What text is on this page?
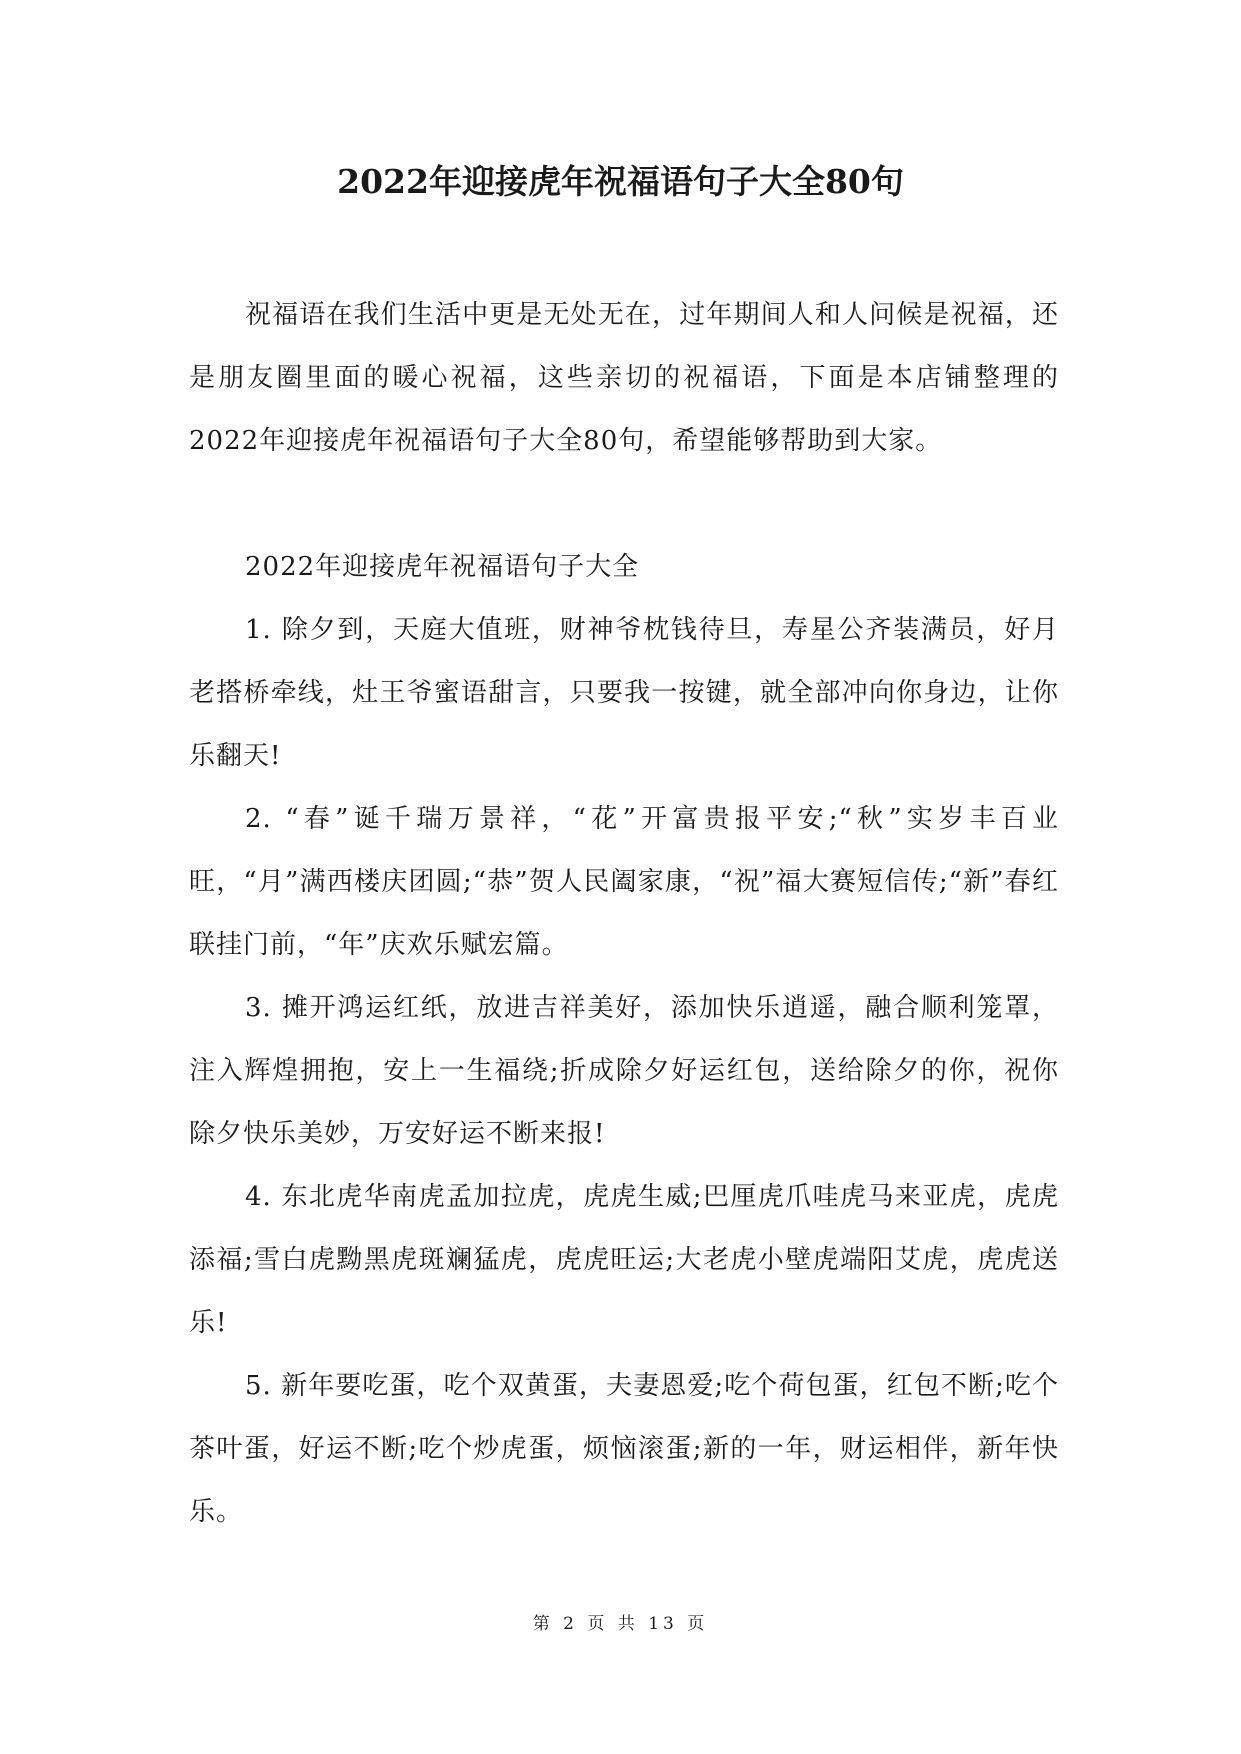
2022年迎接虎年祝福语句子大全80句

祝福语在我们生活中更是无处无在，过年期间人和人问候是祝福，还是朋友圈里面的暖心祝福，这些亲切的祝福语，下面是本店铺整理的2022年迎接虎年祝福语句子大全80句，希望能够帮助到大家。

2022年迎接虎年祝福语句子大全

1. 除夕到，天庭大值班，财神爷枕钱待旦，寿星公齐装满员，好月老搭桥牵线，灶王爷蜜语甜言，只要我一按键，就全部冲向你身边，让你乐翻天!

2. “春”诞千瑞万景祥，“花”开富贵报平安;“秋”实岁丰百业旺，“月”满西楼庆团圆;“恭”贺人民阖家康，“祝”福大赛短信传;“新”春红联挂门前，“年”庆欢乐赋宏篇。

3. 摊开鸿运红纸，放进吉祥美好，添加快乐逍遥，融合顺利笼罩，注入辉煌拥抱，安上一生福绕;折成除夕好运红包，送给除夕的你，祝你除夕快乐美妙，万安好运不断来报!

4. 东北虎华南虎孟加拉虎，虎虎生威;巴厘虎爪哇虎马来亚虎，虎虎添福;雪白虎黝黑虎斑斓猛虎，虎虎旺运;大老虎小壁虎端阳艾虎，虎虎送乐!

5. 新年要吃蛋，吃个双黄蛋，夫妻恩爱;吃个荷包蛋，红包不断;吃个茶叶蛋，好运不断;吃个炒虎蛋，烦恼滚蛋;新的一年，财运相伴，新年快乐。

第 2 页 共 13 页
